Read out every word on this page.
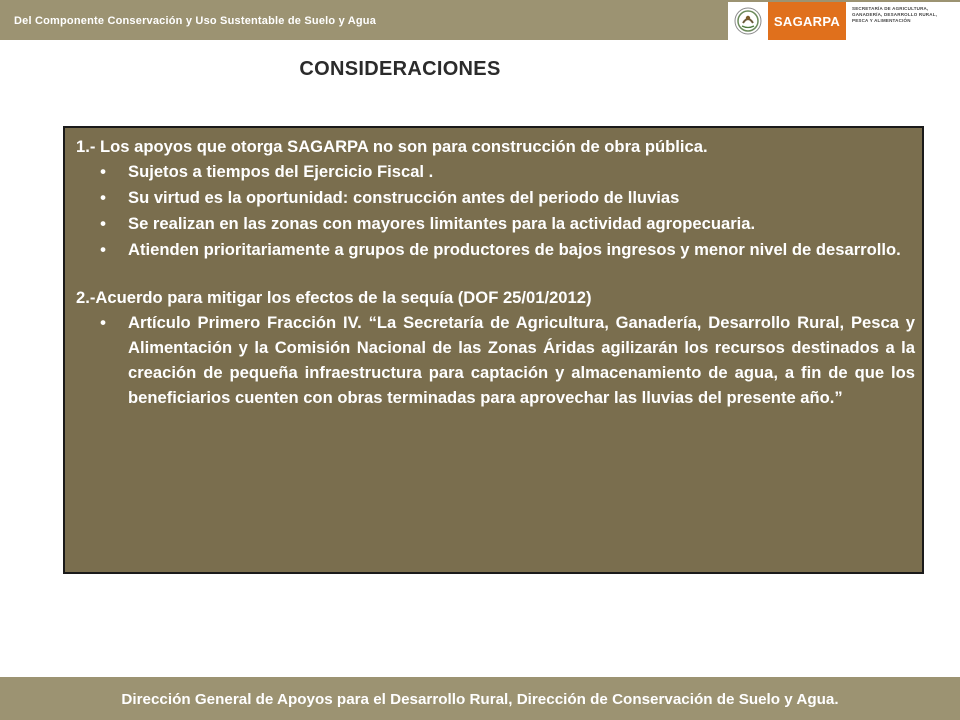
Del Componente Conservación y Uso Sustentable de Suelo y Agua	SAGARPA
SECRETARÍA DE AGRICULTURA,
GANADERÍA, DESARROLLO RURAL,
PESCA Y ALIMENTACIÓN
CONSIDERACIONES

1.- Los apoyos que otorga SAGARPA no son para construcción de obra pública.

• Sujetos a tiempos del Ejercicio Fiscal .
• Su virtud es la oportunidad: construcción antes del periodo de lluvias
• Se realizan en las zonas con mayores limitantes para la actividad agropecuaria.
• Atienden prioritariamente a grupos de productores de bajos ingresos y menor nivel de desarrollo.

2.-Acuerdo para mitigar los efectos de la sequía (DOF 25/01/2012)

• Artículo Primero Fracción IV. “La Secretaría de Agricultura, Ganadería, Desarrollo Rural, Pesca y Alimentación y la Comisión Nacional de las Zonas Áridas agilizarán los recursos destinados a la creación de pequeña infraestructura para captación y almacenamiento de agua, a fin de que los beneficiarios cuenten con obras terminadas para aprovechar las lluvias del presente año.”
Dirección General de Apoyos para el Desarrollo Rural, Dirección de Conservación de Suelo y Agua.
